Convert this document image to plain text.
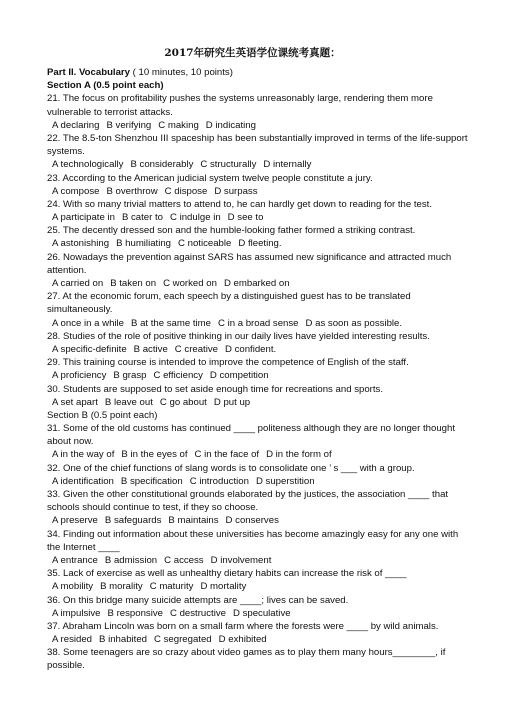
2017年研究生英语学位课统考真题：
Part II. Vocabulary ( 10 minutes, 10 points)
Section A (0.5 point each)
21. The focus on profitability pushes the systems unreasonably large, rendering them more
vulnerable to terrorist attacks.
A declaring B verifying C making D indicating
22. The 8.5-ton Shenzhou III spaceship has been substantially improved in terms of the life-support
systems.
A technologically B considerably C structurally D internally
23. According to the American judicial system twelve people constitute a jury.
A compose B overthrow C dispose D surpass
24. With so many trivial matters to attend to, he can hardly get down to reading for the test.
A participate in B cater to C indulge in D see to
25. The decently dressed son and the humble-looking father formed a striking contrast.
A astonishing B humiliating C noticeable D fleeting.
26. Nowadays the prevention against SARS has assumed new significance and attracted much
attention.
A carried on B taken on C worked on D embarked on
27. At the economic forum, each speech by a distinguished guest has to be translated
simultaneously.
A once in a while B at the same time C in a broad sense D as soon as possible.
28. Studies of the role of positive thinking in our daily lives have yielded interesting results.
A specific-definite B active C creative D confident.
29. This training course is intended to improve the competence of English of the staff.
A proficiency B grasp C efficiency D competition
30. Students are supposed to set aside enough time for recreations and sports.
A set apart B leave out C go about D put up
Section B (0.5 point each)
31. Some of the old customs has continued ____ politeness although they are no longer thought
about now.
A in the way of B in the eyes of C in the face of D in the form of
32. One of the chief functions of slang words is to consolidate one ’ s ___ with a group.
A identification B specification C introduction D superstition
33. Given the other constitutional grounds elaborated by the justices, the association ____ that
schools should continue to test, if they so choose.
A preserve B safeguards B maintains D conserves
34. Finding out information about these universities has become amazingly easy for any one with
the Internet ____
A entrance B admission C access D involvement
35. Lack of exercise as well as unhealthy dietary habits can increase the risk of ____
A mobility B morality C maturity D mortality
36. On this bridge many suicide attempts are ____; lives can be saved.
A impulsive B responsive C destructive D speculative
37. Abraham Lincoln was born on a small farm where the forests were ____ by wild animals.
A resided B inhabited C segregated D exhibited
38. Some teenagers are so crazy about video games as to play them many hours________, if
possible.
